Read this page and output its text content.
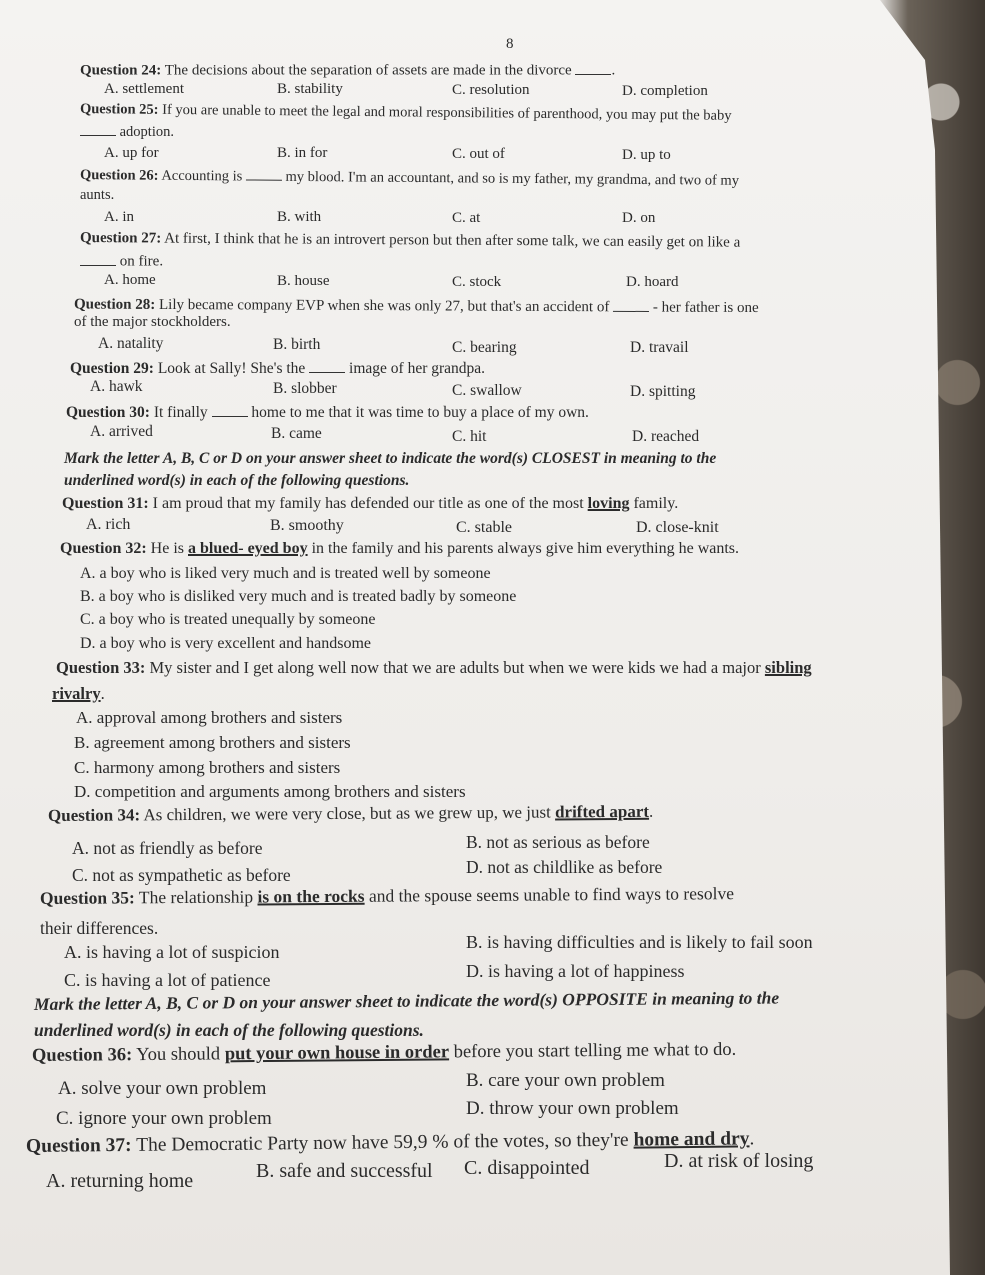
8
Question 24: The decisions about the separation of assets are made in the divorce	.
A. settlement	B. stability	C. resolution	D. completion
Question 25: If you are unable to meet the legal and moral responsibilities of parenthood, you may put the baby
adoption.
A. up for	B. in for	C. out of	D. up to
Question 26: Accounting is	my blood. I'm an accountant, and so is my father, my grandma, and two of my
aunts.
A. in	B. with	C. at	D. on
Question 27: At first, I think that he is an introvert person but then after some talk, we can easily get on like a
on fire.
A. home	B. house	C. stock	D. hoard
Question 28: Lily became company EVP when she was only 27, but that's an accident of	- her father is one
of the major stockholders.
A. natality	B. birth	C. bearing	D. travail
Question 29: Look at Sally! She's the	image of her grandpa.
A. hawk	B. slobber	C. swallow	D. spitting
Question 30: It finally	home to me that it was time to buy a place of my own.
A. arrived	B. came	C. hit	D. reached
Mark the letter A, B, C or D on your answer sheet to indicate the word(s) CLOSEST in meaning to the
underlined word(s) in each of the following questions.
Question 31: I am proud that my family has defended our title as one of the most loving family.
A. rich	B. smoothy	C. stable	D. close-knit
Question 32: He is a blued- eyed boy in the family and his parents always give him everything he wants.
A. a boy who is liked very much and is treated well by someone
B. a boy who is disliked very much and is treated badly by someone
C. a boy who is treated unequally by someone
D. a boy who is very excellent and handsome
Question 33: My sister and I get along well now that we are adults but when we were kids we had a major sibling
rivalry.
A. approval among brothers and sisters
B. agreement among brothers and sisters
C. harmony among brothers and sisters
D. competition and arguments among brothers and sisters
Question 34: As children, we were very close, but as we grew up, we just drifted apart.
A. not as friendly as before	B. not as serious as before
C. not as sympathetic as before	D. not as childlike as before
Question 35: The relationship is on the rocks and the spouse seems unable to find ways to resolve
their differences.
A. is having a lot of suspicion	B. is having difficulties and is likely to fail soon
C. is having a lot of patience	D. is having a lot of happiness
Mark the letter A, B, C or D on your answer sheet to indicate the word(s) OPPOSITE in meaning to the
underlined word(s) in each of the following questions.
Question 36: You should put your own house in order before you start telling me what to do.
A. solve your own problem	B. care your own problem
C. ignore your own problem	D. throw your own problem
Question 37: The Democratic Party now have 59,9 % of the votes, so they're home and dry.
A. returning home	B. safe and successful C. disappointed	D. at risk of losing
